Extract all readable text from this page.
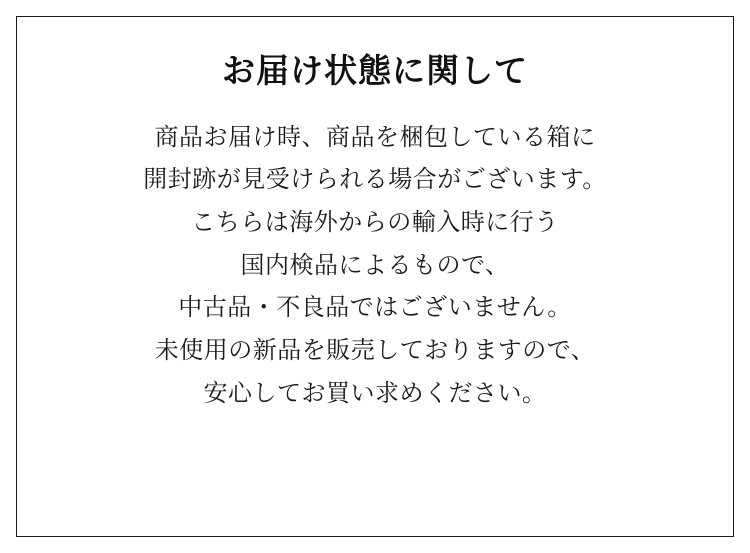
お届け状態に関して
商品お届け時、商品を梱包している箱に
開封跡が見受けられる場合がございます。
こちらは海外からの輸入時に行う
国内検品によるもので、
中古品・不良品ではございません。
未使用の新品を販売しておりますので、
安心してお買い求めください。
